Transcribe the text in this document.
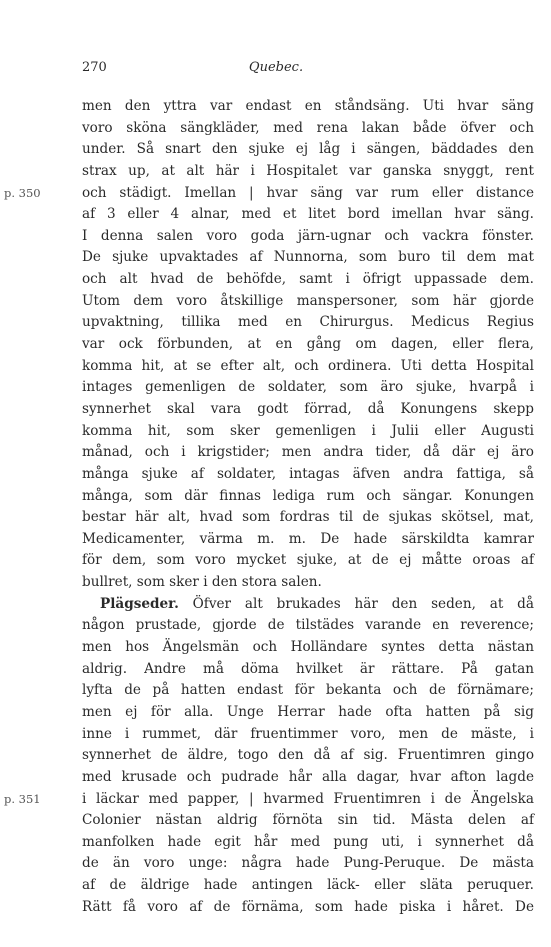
270	Quebec.
men den yttra var endast en ståndsäng. Uti hvar säng
voro sköna sängkläder, med rena lakan både öfver och
under. Så snart den sjuke ej låg i sängen, bäddades den
strax up, at alt här i Hospitalet var ganska snyggt, rent
p. 350	och städigt. Imellan | hvar säng var rum eller distance
af 3 eller 4 alnar, med et litet bord imellan hvar säng.
I denna salen voro goda järn-ugnar och vackra fönster.
De sjuke upvaktades af Nunnorna, som buro til dem mat
och alt hvad de behöfde, samt i öfrigt uppassade dem.
Utom dem voro åtskillige manspersoner, som här gjorde
upvaktning, tillika med en Chirurgus. Medicus Regius
var ock förbunden, at en gång om dagen, eller flera,
komma hit, at se efter alt, och ordinera. Uti detta Hospital
intages gemenligen de soldater, som äro sjuke, hvarpå i
synnerhet skal vara godt förrad, då Konungens skepp
komma hit, som sker gemenligen i Julii eller Augusti
månad, och i krigstider; men andra tider, då där ej äro
många sjuke af soldater, intagas äfven andra fattiga, så
många, som där finnas lediga rum och sängar. Konungen
bestar här alt, hvad som fordras til de sjukas skötsel, mat,
Medicamenter, värma m. m. De hade särskildta kamrar
för dem, som voro mycket sjuke, at de ej måtte oroas af
bullret, som sker i den stora salen.
Plägseder. Öfver alt brukades här den seden, at då
någon prustade, gjorde de tilstädes varande en reverence;
men hos Ängelsmän och Holländare syntes detta nästan
aldrig. Andre må döma hvilket är rättare. På gatan
lyfta de på hatten endast för bekanta och de förnämare;
men ej för alla. Unge Herrar hade ofta hatten på sig
inne i rummet, där fruentimmer voro, men de mäste, i
synnerhet de äldre, togo den då af sig. Fruentimren gingo
med krusade och pudrade hår alla dagar, hvar afton lagde
p. 351	i läckar med papper, | hvarmed Fruentimren i de Ängelska
Colonier nästan aldrig förnöta sin tid. Mästa delen af
manfolken hade egit hår med pung uti, i synnerhet då
de än voro unge: några hade Pung-Peruque. De mästa
af de äldrige hade antingen läck- eller släta peruquer.
Rätt få voro af de förnäma, som hade piska i håret. De
